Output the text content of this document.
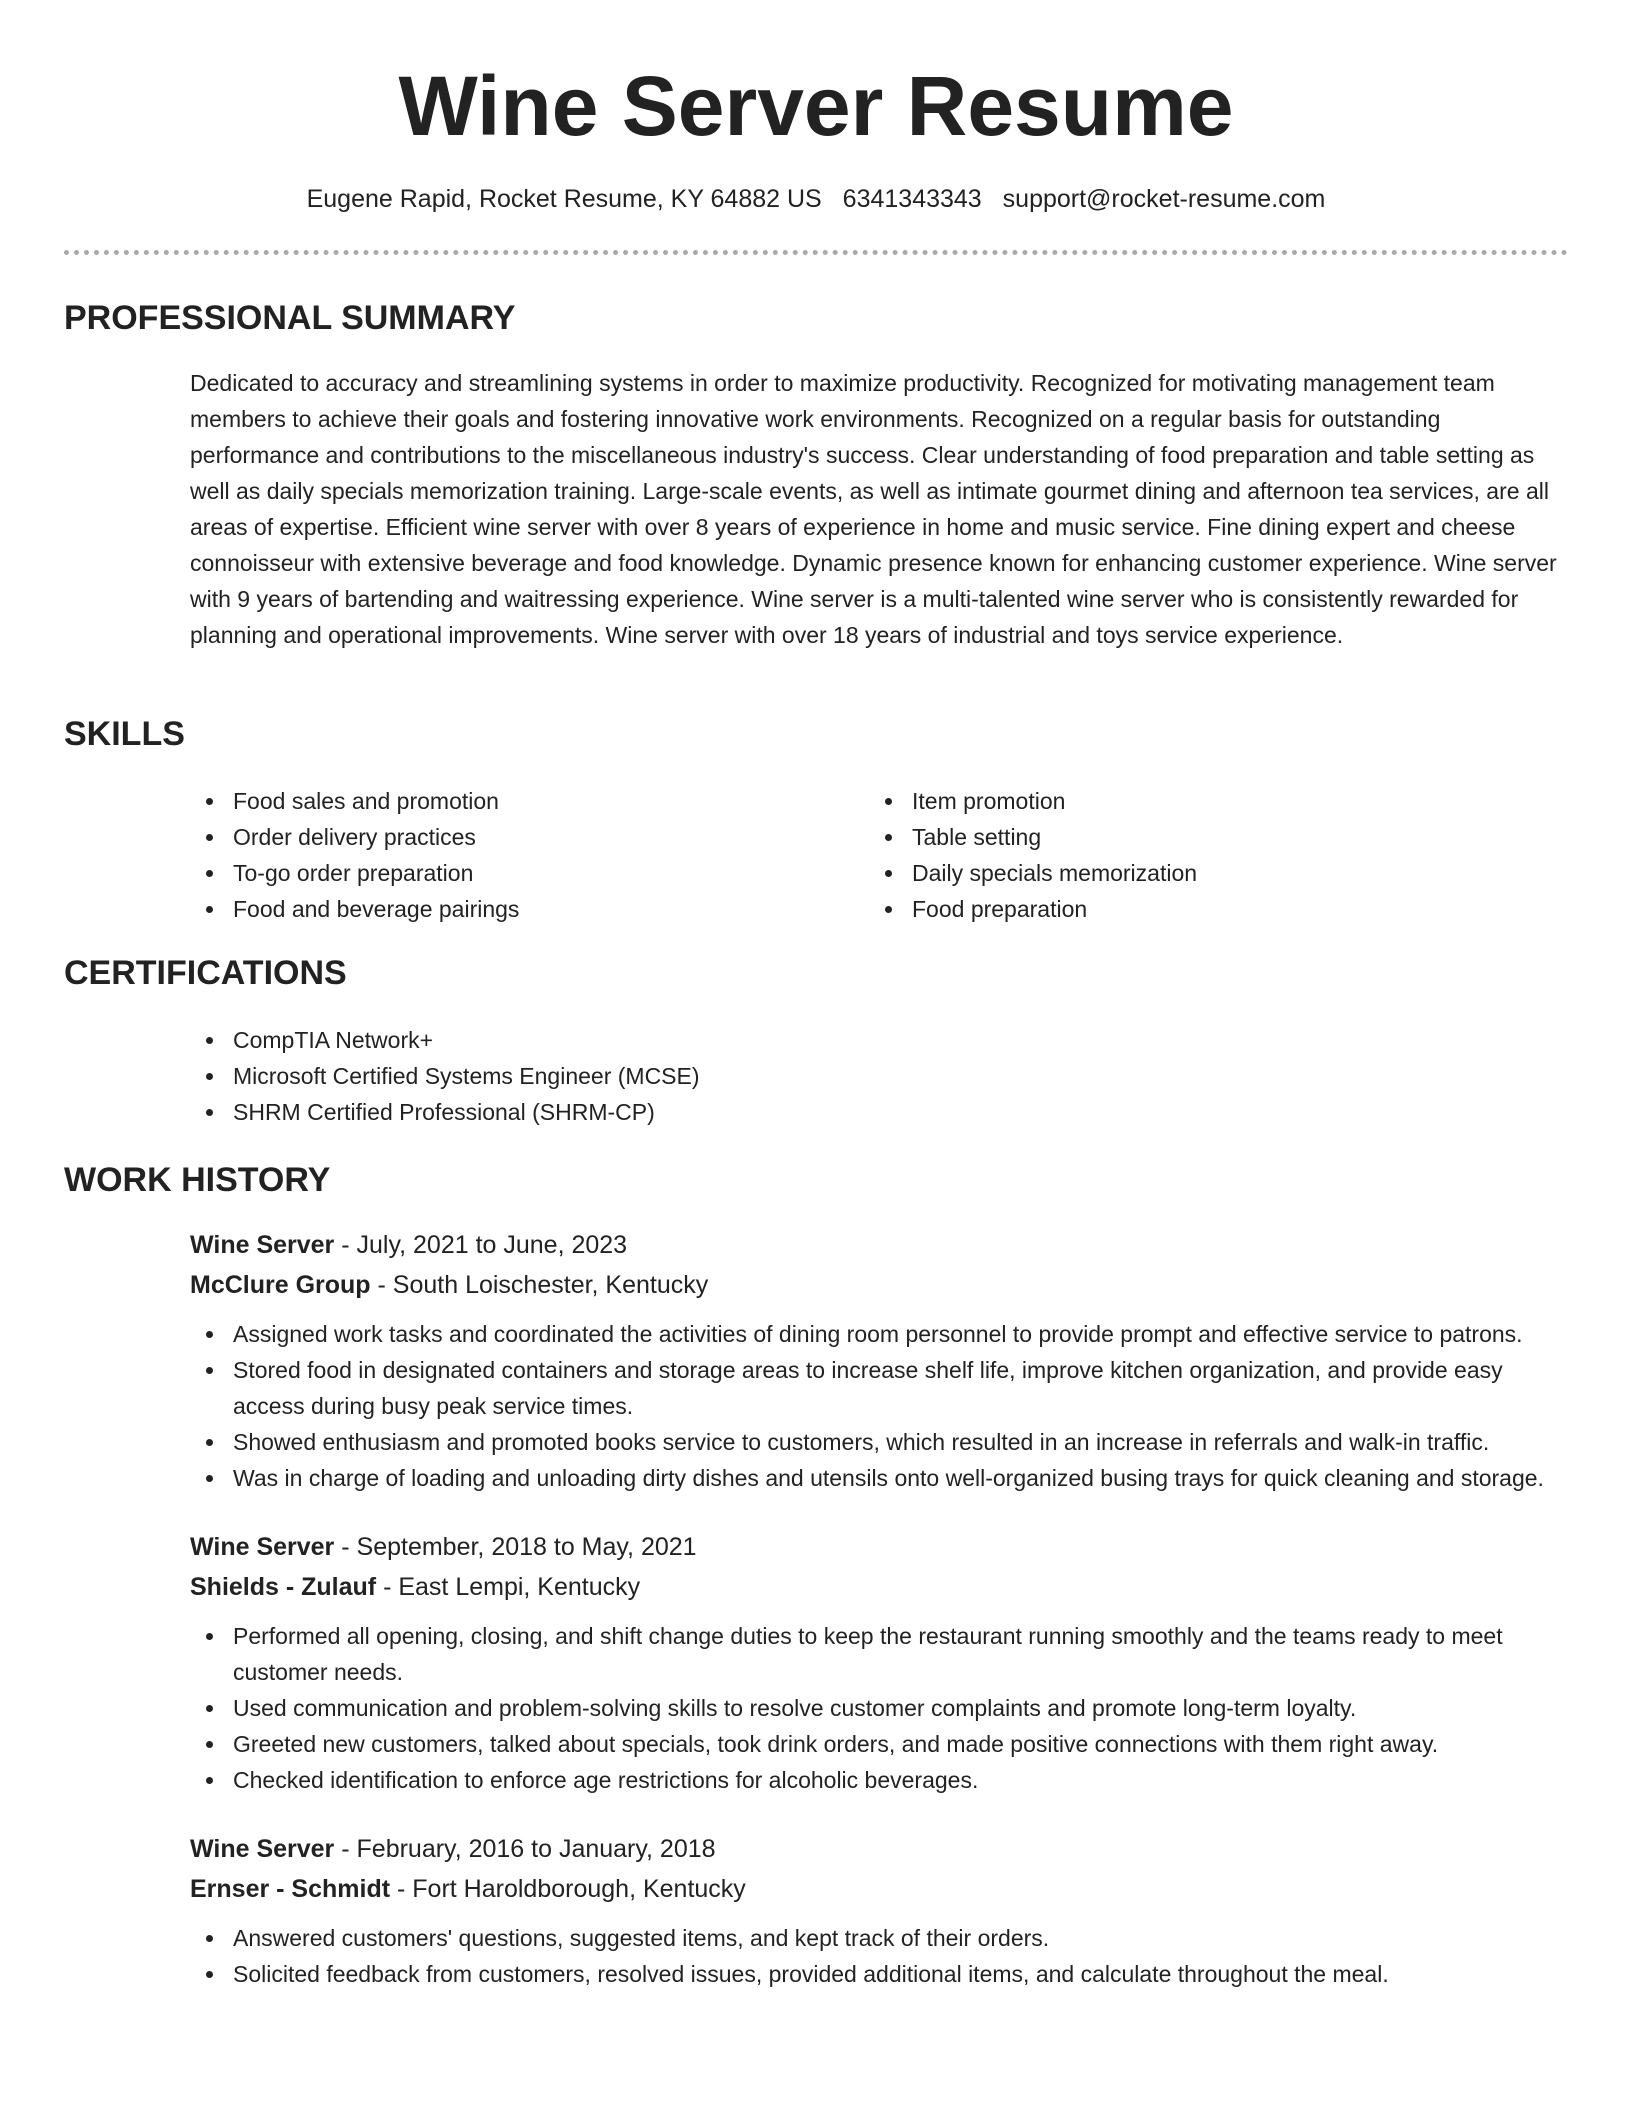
Wine Server Resume
Eugene Rapid, Rocket Resume, KY 64882 US 6341343343 support@rocket-resume.com
PROFESSIONAL SUMMARY

Dedicated to accuracy and streamlining systems in order to maximize productivity. Recognized for motivating management team members to achieve their goals and fostering innovative work environments. Recognized on a regular basis for outstanding performance and contributions to the miscellaneous industry's success. Clear understanding of food preparation and table setting as well as daily specials memorization training. Large-scale events, as well as intimate gourmet dining and afternoon tea services, are all areas of expertise. Efficient wine server with over 8 years of experience in home and music service. Fine dining expert and cheese connoisseur with extensive beverage and food knowledge. Dynamic presence known for enhancing customer experience. Wine server with 9 years of bartending and waitressing experience. Wine server is a multi-talented wine server who is consistently rewarded for planning and operational improvements. Wine server with over 18 years of industrial and toys service experience.

SKILLS
Food sales and promotion
Order delivery practices
To-go order preparation
Food and beverage pairings
Item promotion
Table setting
Daily specials memorization
Food preparation
CERTIFICATIONS
CompTIA Network+
Microsoft Certified Systems Engineer (MCSE)
SHRM Certified Professional (SHRM-CP)
WORK HISTORY
Wine Server - July, 2021 to June, 2023
McClure Group - South Loischester, Kentucky
Assigned work tasks and coordinated the activities of dining room personnel to provide prompt and effective service to patrons.
Stored food in designated containers and storage areas to increase shelf life, improve kitchen organization, and provide easy access during busy peak service times.
Showed enthusiasm and promoted books service to customers, which resulted in an increase in referrals and walk-in traffic.
Was in charge of loading and unloading dirty dishes and utensils onto well-organized busing trays for quick cleaning and storage.
Wine Server - September, 2018 to May, 2021
Shields - Zulauf - East Lempi, Kentucky
Performed all opening, closing, and shift change duties to keep the restaurant running smoothly and the teams ready to meet customer needs.
Used communication and problem-solving skills to resolve customer complaints and promote long-term loyalty.
Greeted new customers, talked about specials, took drink orders, and made positive connections with them right away.
Checked identification to enforce age restrictions for alcoholic beverages.
Wine Server - February, 2016 to January, 2018
Ernser - Schmidt - Fort Haroldborough, Kentucky
Answered customers' questions, suggested items, and kept track of their orders.
Solicited feedback from customers, resolved issues, provided additional items, and calculate throughout the meal.
